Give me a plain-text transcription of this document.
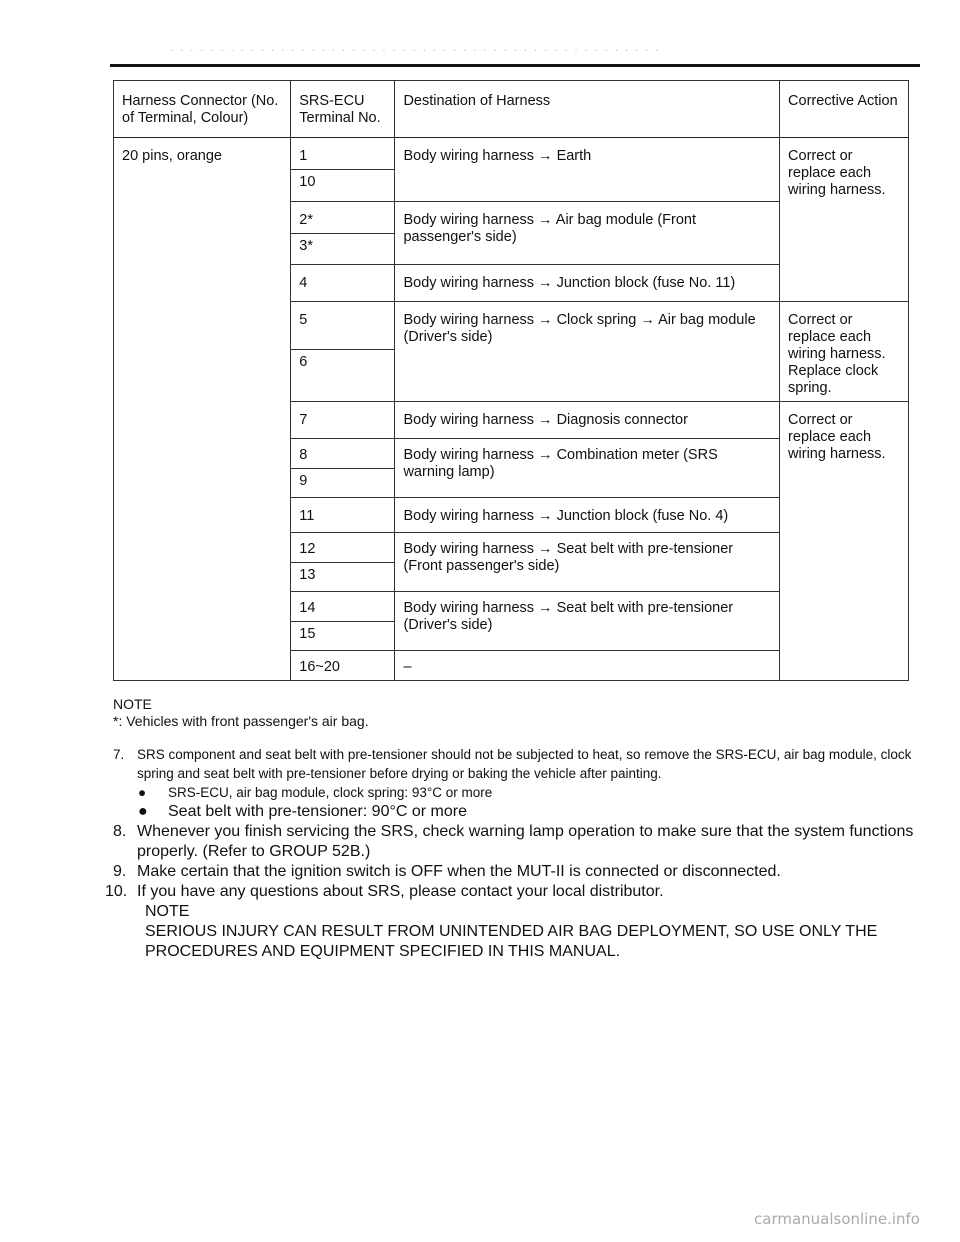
. . . . . . . . . . . . . . . . . . . . . . . . . . . . . . . . . . . . . . . . . . . . . . . . .
Harness Connector (No. of Terminal, Colour)	SRS-ECU Terminal No.	Destination of Harness	Corrective Action
20 pins, orange	1	Body wiring harness → Earth	Correct or replace each wiring harness.
	10		
	2*	Body wiring harness → Air bag module (Front passenger's side)	
	3*		
	4	Body wiring harness → Junction block (fuse No. 11)	
	5	Body wiring harness → Clock spring → Air bag module (Driver's side)	Correct or replace each wiring harness. Replace clock spring.
	6		
	7	Body wiring harness → Diagnosis connector	Correct or replace each wiring harness.
	8	Body wiring harness → Combination meter (SRS warning lamp)	
	9		
	11	Body wiring harness → Junction block (fuse No. 4)	
	12	Body wiring harness → Seat belt with pre-tensioner (Front passenger's side)	
	13		
	14	Body wiring harness → Seat belt with pre-tensioner (Driver's side)	
	15		
	16~20	–	
NOTE
*: Vehicles with front passenger's air bag.
7. SRS component and seat belt with pre-tensioner should not be subjected to heat, so remove the SRS-ECU, air bag module, clock spring and seat belt with pre-tensioner before drying or baking the vehicle after painting.
●	SRS-ECU, air bag module, clock spring: 93°C or more
●	Seat belt with pre-tensioner: 90°C or more
8. Whenever you finish servicing the SRS, check warning lamp operation to make sure that the system functions properly. (Refer to GROUP 52B.)
9. Make certain that the ignition switch is OFF when the MUT-II is connected or disconnected.
10. If you have any questions about SRS, please contact your local distributor.
NOTE
SERIOUS INJURY CAN RESULT FROM UNINTENDED AIR BAG DEPLOYMENT, SO USE ONLY THE PROCEDURES AND EQUIPMENT SPECIFIED IN THIS MANUAL.
carmanualsonline.info
